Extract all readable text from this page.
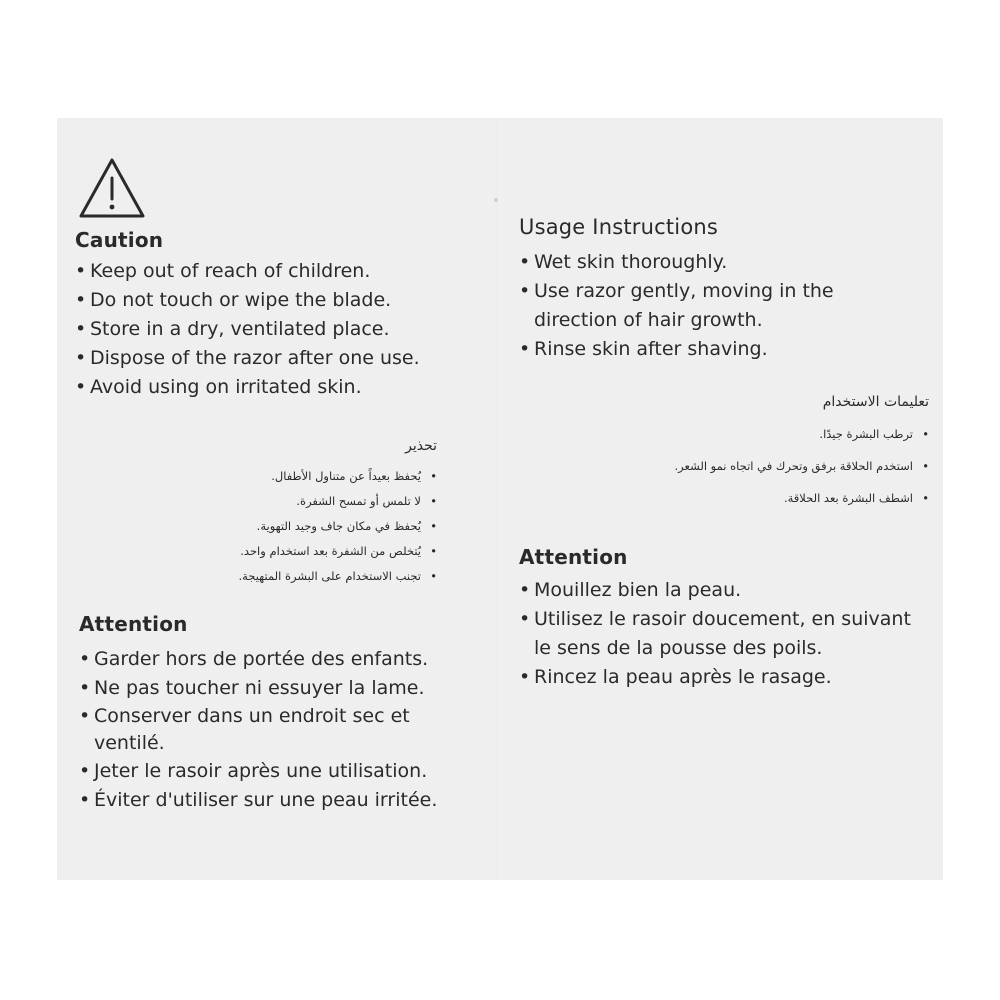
Caution
• Keep out of reach of children.
• Do not touch or wipe the blade.
• Store in a dry, ventilated place.
• Dispose of the razor after one use.
• Avoid using on irritated skin.

تحذير

• يُحفظ بعيداً عن متناول الأطفال.
• لا تلمس أو تمسح الشفرة.
• يُحفظ في مكان جاف وجيد التهوية.
• يُتخلص من الشفرة بعد استخدام واحد.
• تجنب الاستخدام على البشرة المتهيجة.
Attention
• Garder hors de portée des enfants.
• Ne pas toucher ni essuyer la lame.
• Conserver dans un endroit sec et ventilé.
• Jeter le rasoir après une utilisation.
• Éviter d'utiliser sur une peau irritée.
Usage Instructions
• Wet skin thoroughly.
• Use razor gently, moving in the direction of hair growth.
• Rinse skin after shaving.

تعليمات الاستخدام

• ترطب البشرة جيدًا.
• استخدم الحلاقة برفق وتحرك في اتجاه نمو الشعر.
• اشطف البشرة بعد الحلاقة.
Attention
• Mouillez bien la peau.
• Utilisez le rasoir doucement, en suivant le sens de la pousse des poils.
• Rincez la peau après le rasage.
